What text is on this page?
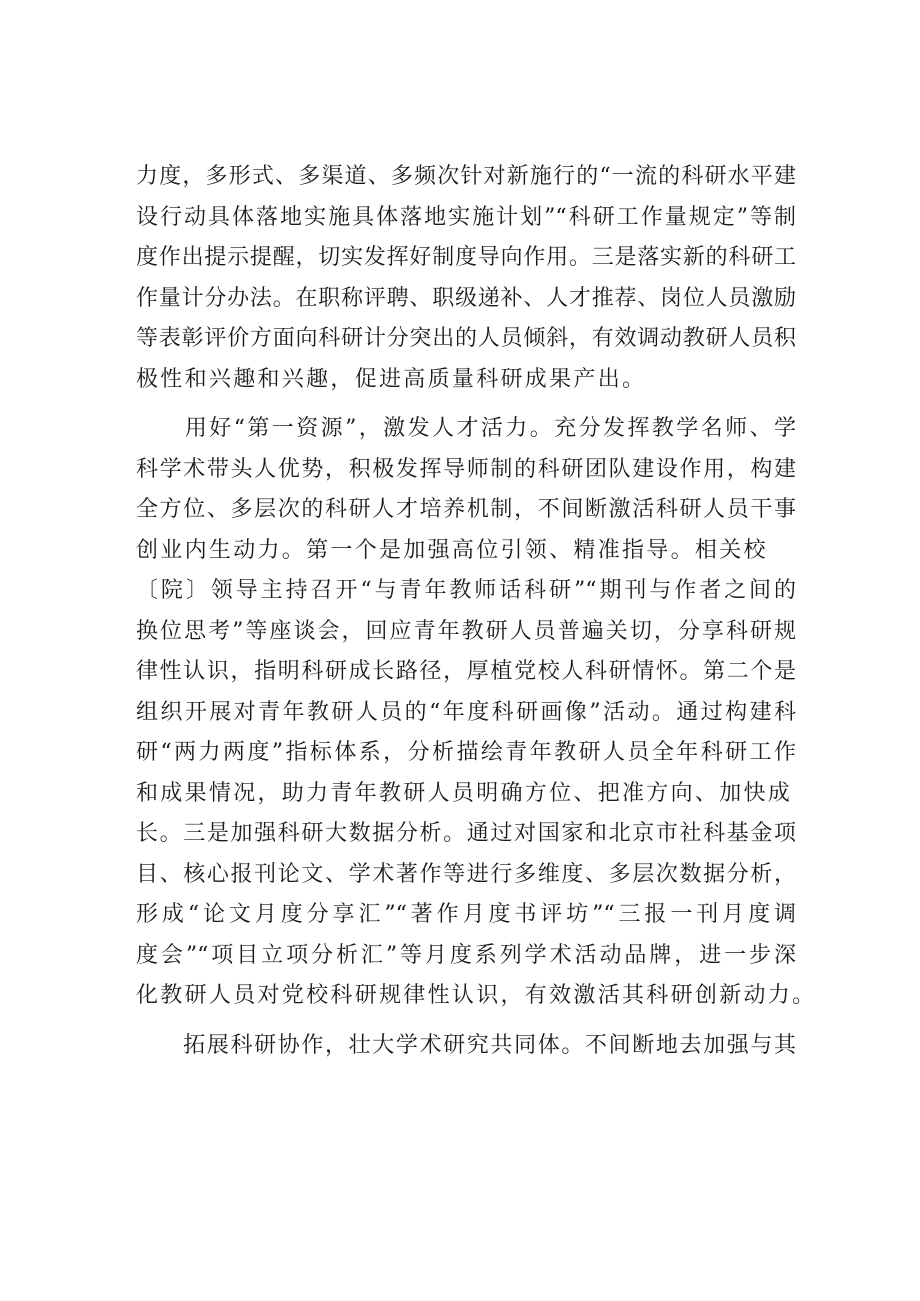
力度，多形式、多渠道、多频次针对新施行的“一流的科研水平建
设行动具体落地实施具体落地实施计划”“科研工作量规定”等制
度作出提示提醒，切实发挥好制度导向作用。三是落实新的科研工
作量计分办法。在职称评聘、职级递补、人才推荐、岗位人员激励
等表彰评价方面向科研计分突出的人员倾斜，有效调动教研人员积
极性和兴趣和兴趣，促进高质量科研成果产出。
　　用好“第一资源”，激发人才活力。充分发挥教学名师、学
科学术带头人优势，积极发挥导师制的科研团队建设作用，构建
全方位、多层次的科研人才培养机制，不间断激活科研人员干事
创业内生动力。第一个是加强高位引领、精准指导。相关校
〔院〕领导主持召开“与青年教师话科研”“期刊与作者之间的
换位思考”等座谈会，回应青年教研人员普遍关切，分享科研规
律性认识，指明科研成长路径，厚植党校人科研情怀。第二个是
组织开展对青年教研人员的“年度科研画像”活动。通过构建科
研“两力两度”指标体系，分析描绘青年教研人员全年科研工作
和成果情况，助力青年教研人员明确方位、把准方向、加快成
长。三是加强科研大数据分析。通过对国家和北京市社科基金项
目、核心报刊论文、学术著作等进行多维度、多层次数据分析，
形成“论文月度分享汇”“著作月度书评坊”“三报一刊月度调
度会”“项目立项分析汇”等月度系列学术活动品牌，进一步深
化教研人员对党校科研规律性认识，有效激活其科研创新动力。
　　拓展科研协作，壮大学术研究共同体。不间断地去加强与其
